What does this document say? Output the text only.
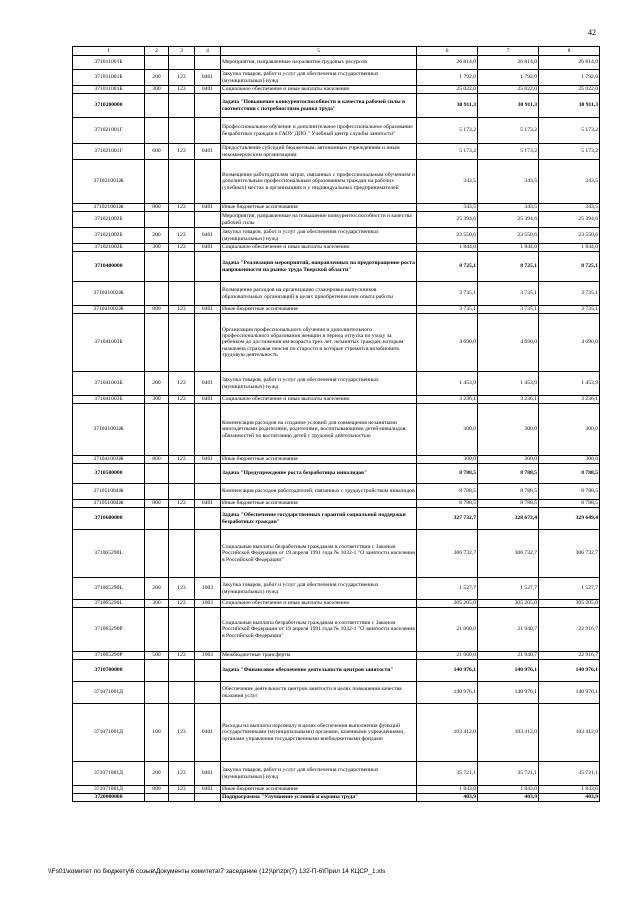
42
1	2	3	4	5	6	7	8
371011001Б				Мероприятия, направленные на развитие трудовых ресурсов	26 814,0	26 814,0	26 814,0
371011001Б	200	123	0401	Закупка товаров, работ и услуг для обеспечения государственных (муниципальных) нужд	1 792,0	1 792,0	1 792,0
371011001Б	300	123	0401	Социальное обеспечение и иные выплаты населению	25 022,0	25 022,0	25 022,0
3710200000				Задача "Повышение конкурентоспособности и качества рабочей силы в соответствии с потребностями рынка труда"	30 911,3	30 911,3	30 911,3
371021001Г				Профессиональное обучение и дополнительное профессиональное образование безработных граждан в ГАОУ ДПО " Учебный центр службы занятости"	5 173,2	5 173,2	5 173,2
371021001Г	600	123	0401	Предоставление субсидий бюджетным, автономным учреждениям и иным некоммерческим организациям	5 173,2	5 173,2	5 173,2
371021001Ж				Возмещение работодателям затрат, связанных с профессиональным обучением и дополнительным профессиональным образованием граждан на рабочих (учебных) местах в организациях и у индивидуальных предпринимателей	343,5	343,5	343,5
371021001Ж	800	123	0401	Иные бюджетные ассигнования	343,5	343,5	343,5
371021002Б				Мероприятия, направленные на повышение конкурентоспособности и качества рабочей силы	25 394,6	25 394,6	25 394,6
371021002Б	200	123	0401	Закупка товаров, работ и услуг для обеспечения государственных (муниципальных) нужд	23 550,6	23 550,6	23 550,6
371021002Б	300	123	0401	Социальное обеспечение и иные выплаты населению	1 844,0	1 844,0	1 844,0
3710400000				Задача "Реализация мероприятий, направленных на предотвращение роста напряженности на рынке труда Тверской области"	8 725,1	8 725,1	8 725,1
371041002Ж				Возмещение расходов на организацию стажировки выпускников образовательных организаций в целях приобретения ими опыта работы	3 735,1	3 735,1	3 735,1
371041002Ж	800	123	0401	Иные бюджетные ассигнования	3 735,1	3 735,1	3 735,1
371041003Б				Организация профессионального обучения и дополнительного профессионального образования женщин в период отпуска по уходу за ребенком до достижения им возраста трех лет, незанятых граждан, которым назначена страховая пенсия по старости и которые стремятся возобновить трудовую деятельность	4 690,0	4 690,0	4 690,0
371041003Б	200	123	0401	Закупка товаров, работ и услуг для обеспечения государственных (муниципальных) нужд	1 453,9	1 453,9	1 453,9
371041003Б	300	123	0401	Социальное обеспечение и иные выплаты населению	3 236,1	3 236,1	3 236,1
371041003Ж				Компенсация расходов на создание условий для совмещения незанятыми многодетными родителями, родителями, воспитывающими детей-инвалидов, обязанностей по воспитанию детей с трудовой деятельностью	300,0	300,0	300,0
371041003Ж	800	123	0401	Иные бюджетные ассигнования	300,0	300,0	300,0
3710500000				Задача "Предупреждение роста безработицы инвалидов"	8 788,5	8 788,5	8 788,5
371051004Ж				Компенсация расходов работодателей, связанных с трудоустройством инвалидов	8 788,5	8 788,5	8 788,5
371051004Ж	800	123	0401	Иные бюджетные ассигнования	8 788,5	8 788,5	8 788,5
3710600000				Задача "Обеспечение государственных гарантий социальной поддержки безработных граждан"	327 732,7	328 673,4	329 649,4
371065290L				Социальные выплаты безработным гражданам в соответствии с Законом Российской Федерации от 19 апреля 1991 года № 1032-1 "О занятости населения в Российской Федерации"	306 732,7	306 732,7	306 732,7
371065290L	200	123	1003	Закупка товаров, работ и услуг для обеспечения государственных (муниципальных) нужд	1 527,7	1 527,7	1 527,7
371065290L	300	123	1003	Социальное обеспечение и иные выплаты населению	305 205,0	305 205,0	305 205,0
371065290Р				Социальные выплаты безработным гражданам в соответствии с Законом Российской Федерации от 19 апреля 1991 года № 1032-1 "О занятости населения в Российской Федерации"	21 000,0	21 940,7	22 916,7
371065290Р	500	123	1003	Межбюджетные трансферты	21 000,0	21 940,7	22 916,7
3710700000				Задача "Финансовое обеспечение деятельности центров занятости"	140 976,1	140 976,1	140 976,1
371071001Д				Обеспечение деятельности центров занятости в целях повышения качества оказания услуг	140 976,1	140 976,1	140 976,1
371071001Д	100	123	0401	Расходы на выплаты персоналу в целях обеспечения выполнения функций государственными (муниципальными) органами, казенными учреждениями, органами управления государственными внебюджетными фондами	103 412,0	103 412,0	103 412,0
371071001Д	200	123	0401	Закупка товаров, работ и услуг для обеспечения государственных (муниципальных) нужд	35 721,1	35 721,1	35 721,1
371071001Д	800	123	0401	Иные бюджетные ассигнования	1 843,0	1 843,0	1 843,0
3720000000				Подпрограмма "Улучшение условий и охраны труда"	403,9	403,9	403,9
\\Fs01\комитет по бюджету\6 созыв\Документы комитета\7 заседание (12)\pr\zpr(7) 132-П-6\Прил 14 КЦСР_1.xls
